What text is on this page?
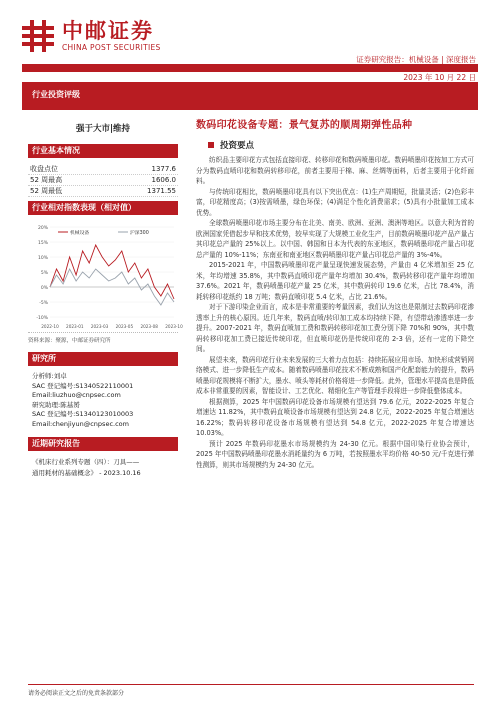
中邮证券
CHINA POST SECURITIES
证券研究报告：机械设备 | 深度报告
2023 年 10 月 22 日
行业投资评级
强于大市|维持
行业基本情况
收盘点位	1377.6
52 周最高	1606.0
52 周最低	1371.55
行业相对指数表现（相对值）
20%
15%
10%
5%
0%
-5%
-10%
2022-10 2023-01 2023-03 2023-05 2023-08 2023-10
机械设备	沪深300
资料来源：聚源，中邮证券研究所
研究所
分析师:刘卓
SAC 登记编号:S1340522110001
Email:liuzhuo@cnpsec.com
研究助理:陈基赟
SAC 登记编号:S1340123010003
Email:chenjiyun@cnpsec.com
近期研究报告
《机床行业系列专题（四）：刀具——
通用耗材的基础概念》 - 2023.10.16
数码印花设备专题：景气复苏的顺周期弹性品种
投资要点

纺织品主要印花方式包括直接印花、转移印花和数码喷墨印花。数码喷墨印花按加工方式可分为数码直喷印花和数码转移印花，前者主要用于棉、麻、丝绸等面料，后者主要用于化纤面料。

与传统印花相比，数码喷墨印花具有以下突出优点：(1)生产周期短，批量灵活；(2)色彩丰富，印花精度高；(3)按需喷墨，绿色环保；(4)满足个性化消费需求；(5)具有小批量加工成本优势。

全球数码喷墨印花市场主要分布在北美、南美、欧洲、亚洲、澳洲等地区。以意大利为首的欧洲国家凭借起步早和技术优势，较早实现了大规模工业化生产，目前数码喷墨印花产品产量占其印花总产量的 25%以上。以中国、韩国和日本为代表的东亚地区，数码喷墨印花产量占印花总产量的 10%-11%；东南亚和南亚地区数码喷墨印花产量占印花总产量的 3%-4%。

2015-2021 年，中国数码喷墨印花产量呈现快速发展态势，产量由 4 亿米增加至 25 亿米，年均增速 35.8%，其中数码直喷印花产量年均增加 30.4%，数码转移印花产量年均增加 37.6%。2021 年，数码喷墨印花产量 25 亿米，其中数码转印 19.6 亿米，占比 78.4%，消耗转移印花纸约 18 万吨；数码直喷印花 5.4 亿米，占比 21.6%。

对于下游印染企业而言，成本是非常重要的考量因素，我们认为这也是限制过去数码印花渗透率上升的核心原因。近几年来，数码直喷/转印加工成本均持续下降，有望带动渗透率进一步提升。2007-2021 年，数码直喷加工费和数码转移印花加工费分别下降 70%和 90%，其中数码转移印花加工费已接近传统印花，但直喷印花仍是传统印花的 2-3 倍，还有一定的下降空间。

展望未来，数码印花行业未来发展的三大着力点包括：持续拓展应用市场、加快形成营销网络模式、进一步降低生产成本。随着数码喷墨印花技术不断成熟和国产化配套能力的提升，数码喷墨印花规模将不断扩大，墨水、喷头等耗材价格将进一步降低。此外，管理水平提高也是降低成本非常重要的因素，智能设计、工艺优化、精细化生产等管理手段将进一步降低整体成本。

根据测算，2025 年中国数码印花设备市场规模有望达到 79.6 亿元，2022-2025 年复合增速达 11.82%，其中数码直喷设备市场规模有望达到 24.8 亿元，2022-2025 年复合增速达 16.22%；数码转移印花设备市场规模有望达到 54.8 亿元，2022-2025 年复合增速达 10.03%。

预计 2025 年数码印花墨水市场规模约为 24-30 亿元。根据中国印染行业协会预计，2025 年中国数码喷墨印花墨水消耗量约为 6 万吨，若按照墨水平均价格 40-50 元/千克进行弹性测算，则其市场规模约为 24-30 亿元。

请务必阅读正文之后的免责条款部分
